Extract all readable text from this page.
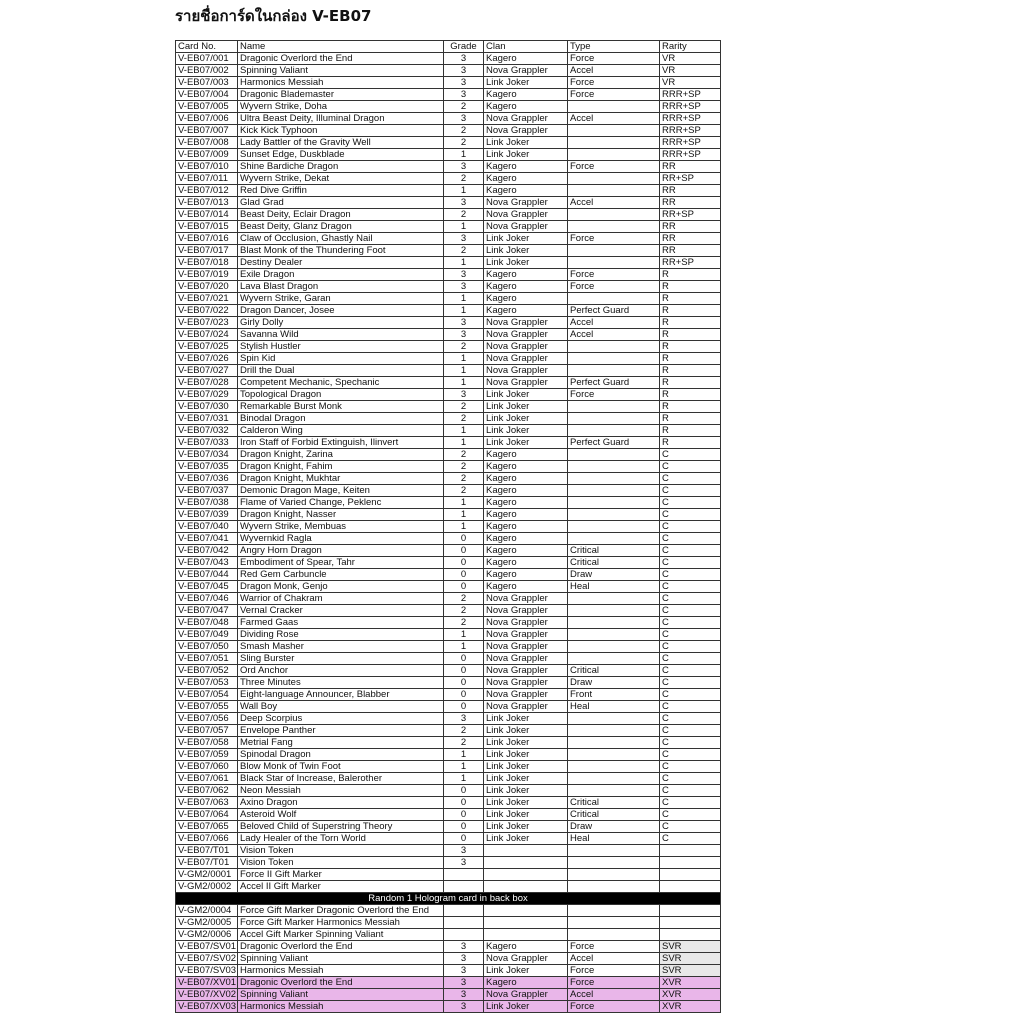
รายชื่อการ์ดในกล่อง V-EB07
Card No.	Name	Grade	Clan	Type	Rarity
V-EB07/001	Dragonic Overlord the End	3	Kagero	Force	VR
V-EB07/002	Spinning Valiant	3	Nova Grappler	Accel	VR
V-EB07/003	Harmonics Messiah	3	Link Joker	Force	VR
V-EB07/004	Dragonic Blademaster	3	Kagero	Force	RRR+SP
V-EB07/005	Wyvern Strike, Doha	2	Kagero		RRR+SP
V-EB07/006	Ultra Beast Deity, Illuminal Dragon	3	Nova Grappler	Accel	RRR+SP
V-EB07/007	Kick Kick Typhoon	2	Nova Grappler		RRR+SP
V-EB07/008	Lady Battler of the Gravity Well	2	Link Joker		RRR+SP
V-EB07/009	Sunset Edge, Duskblade	1	Link Joker		RRR+SP
V-EB07/010	Shine Bardiche Dragon	3	Kagero	Force	RR
V-EB07/011	Wyvern Strike, Dekat	2	Kagero		RR+SP
V-EB07/012	Red Dive Griffin	1	Kagero		RR
V-EB07/013	Glad Grad	3	Nova Grappler	Accel	RR
V-EB07/014	Beast Deity, Eclair Dragon	2	Nova Grappler		RR+SP
V-EB07/015	Beast Deity, Glanz Dragon	1	Nova Grappler		RR
V-EB07/016	Claw of Occlusion, Ghastly Nail	3	Link Joker	Force	RR
V-EB07/017	Blast Monk of the Thundering Foot	2	Link Joker		RR
V-EB07/018	Destiny Dealer	1	Link Joker		RR+SP
V-EB07/019	Exile Dragon	3	Kagero	Force	R
V-EB07/020	Lava Blast Dragon	3	Kagero	Force	R
V-EB07/021	Wyvern Strike, Garan	1	Kagero		R
V-EB07/022	Dragon Dancer, Josee	1	Kagero	Perfect Guard	R
V-EB07/023	Girly Dolly	3	Nova Grappler	Accel	R
V-EB07/024	Savanna Wild	3	Nova Grappler	Accel	R
V-EB07/025	Stylish Hustler	2	Nova Grappler		R
V-EB07/026	Spin Kid	1	Nova Grappler		R
V-EB07/027	Drill the Dual	1	Nova Grappler		R
V-EB07/028	Competent Mechanic, Spechanic	1	Nova Grappler	Perfect Guard	R
V-EB07/029	Topological Dragon	3	Link Joker	Force	R
V-EB07/030	Remarkable Burst Monk	2	Link Joker		R
V-EB07/031	Binodal Dragon	2	Link Joker		R
V-EB07/032	Calderon Wing	1	Link Joker		R
V-EB07/033	Iron Staff of Forbid Extinguish, Ilinvert	1	Link Joker	Perfect Guard	R
V-EB07/034	Dragon Knight, Zarina	2	Kagero		C
V-EB07/035	Dragon Knight, Fahim	2	Kagero		C
V-EB07/036	Dragon Knight, Mukhtar	2	Kagero		C
V-EB07/037	Demonic Dragon Mage, Keiten	2	Kagero		C
V-EB07/038	Flame of Varied Change, Peklenc	1	Kagero		C
V-EB07/039	Dragon Knight, Nasser	1	Kagero		C
V-EB07/040	Wyvern Strike, Membuas	1	Kagero		C
V-EB07/041	Wyvernkid Ragla	0	Kagero		C
V-EB07/042	Angry Horn Dragon	0	Kagero	Critical	C
V-EB07/043	Embodiment of Spear, Tahr	0	Kagero	Critical	C
V-EB07/044	Red Gem Carbuncle	0	Kagero	Draw	C
V-EB07/045	Dragon Monk, Genjo	0	Kagero	Heal	C
V-EB07/046	Warrior of Chakram	2	Nova Grappler		C
V-EB07/047	Vernal Cracker	2	Nova Grappler		C
V-EB07/048	Farmed Gaas	2	Nova Grappler		C
V-EB07/049	Dividing Rose	1	Nova Grappler		C
V-EB07/050	Smash Masher	1	Nova Grappler		C
V-EB07/051	Sling Burster	0	Nova Grappler		C
V-EB07/052	Ord Anchor	0	Nova Grappler	Critical	C
V-EB07/053	Three Minutes	0	Nova Grappler	Draw	C
V-EB07/054	Eight-language Announcer, Blabber	0	Nova Grappler	Front	C
V-EB07/055	Wall Boy	0	Nova Grappler	Heal	C
V-EB07/056	Deep Scorpius	3	Link Joker		C
V-EB07/057	Envelope Panther	2	Link Joker		C
V-EB07/058	Metrial Fang	2	Link Joker		C
V-EB07/059	Spinodal Dragon	1	Link Joker		C
V-EB07/060	Blow Monk of Twin Foot	1	Link Joker		C
V-EB07/061	Black Star of Increase, Balerother	1	Link Joker		C
V-EB07/062	Neon Messiah	0	Link Joker		C
V-EB07/063	Axino Dragon	0	Link Joker	Critical	C
V-EB07/064	Asteroid Wolf	0	Link Joker	Critical	C
V-EB07/065	Beloved Child of Superstring Theory	0	Link Joker	Draw	C
V-EB07/066	Lady Healer of the Torn World	0	Link Joker	Heal	C
V-EB07/T01	Vision Token	3			
V-EB07/T01	Vision Token	3			
V-GM2/0001	Force II Gift Marker				
V-GM2/0002	Accel II Gift Marker				
Random 1 Hologram card in back box					
V-GM2/0004	Force Gift Marker Dragonic Overlord the End				
V-GM2/0005	Force Gift Marker Harmonics Messiah				
V-GM2/0006	Accel Gift Marker Spinning Valiant				
V-EB07/SV01	Dragonic Overlord the End	3	Kagero	Force	SVR
V-EB07/SV02	Spinning Valiant	3	Nova Grappler	Accel	SVR
V-EB07/SV03	Harmonics Messiah	3	Link Joker	Force	SVR
V-EB07/XV01	Dragonic Overlord the End	3	Kagero	Force	XVR
V-EB07/XV02	Spinning Valiant	3	Nova Grappler	Accel	XVR
V-EB07/XV03	Harmonics Messiah	3	Link Joker	Force	XVR
